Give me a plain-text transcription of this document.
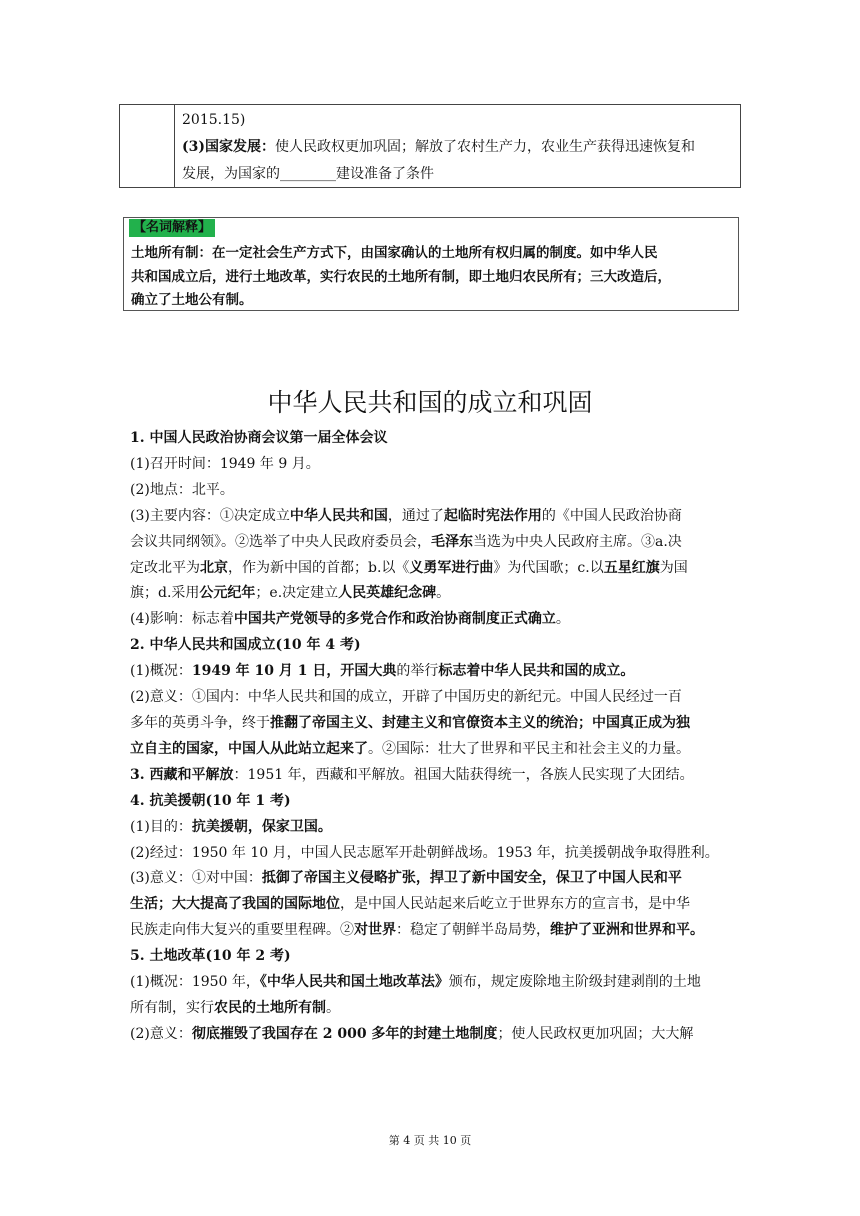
2015.15)
(3)国家发展：使人民政权更加巩固；解放了农村生产力，农业生产获得迅速恢复和
发展，为国家的________建设准备了条件
【名词解释】
土地所有制：在一定社会生产方式下，由国家确认的土地所有权归属的制度。如中华人民
共和国成立后，进行土地改革，实行农民的土地所有制，即土地归农民所有；三大改造后，
确立了土地公有制。
中华人民共和国的成立和巩固

1. 中国人民政治协商会议第一届全体会议

(1)召开时间：1949 年 9 月。

(2)地点：北平。

(3)主要内容：①决定成立中华人民共和国，通过了起临时宪法作用的《中国人民政治协商

会议共同纲领》。②选举了中央人民政府委员会，毛泽东当选为中央人民政府主席。③a.决

定改北平为北京，作为新中国的首都；b.以《义勇军进行曲》为代国歌；c.以五星红旗为国

旗；d.采用公元纪年；e.决定建立人民英雄纪念碑。

(4)影响：标志着中国共产党领导的多党合作和政治协商制度正式确立。

2. 中华人民共和国成立(10 年 4 考)

(1)概况：1949 年 10 月 1 日，开国大典的举行标志着中华人民共和国的成立。

(2)意义：①国内：中华人民共和国的成立，开辟了中国历史的新纪元。中国人民经过一百

多年的英勇斗争，终于推翻了帝国主义、封建主义和官僚资本主义的统治；中国真正成为独

立自主的国家，中国人从此站立起来了。②国际：壮大了世界和平民主和社会主义的力量。

3. 西藏和平解放：1951 年，西藏和平解放。祖国大陆获得统一，各族人民实现了大团结。

4. 抗美援朝(10 年 1 考)

(1)目的：抗美援朝，保家卫国。

(2)经过：1950 年 10 月，中国人民志愿军开赴朝鲜战场。1953 年，抗美援朝战争取得胜利。

(3)意义：①对中国：抵御了帝国主义侵略扩张，捍卫了新中国安全，保卫了中国人民和平

生活；大大提高了我国的国际地位，是中国人民站起来后屹立于世界东方的宣言书，是中华

民族走向伟大复兴的重要里程碑。②对世界：稳定了朝鲜半岛局势，维护了亚洲和世界和平。

5. 土地改革(10 年 2 考)

(1)概况：1950 年，《中华人民共和国土地改革法》颁布，规定废除地主阶级封建剥削的土地

所有制，实行农民的土地所有制。

(2)意义：彻底摧毁了我国存在 2 000 多年的封建土地制度；使人民政权更加巩固；大大解

第 4 页 共 10 页
